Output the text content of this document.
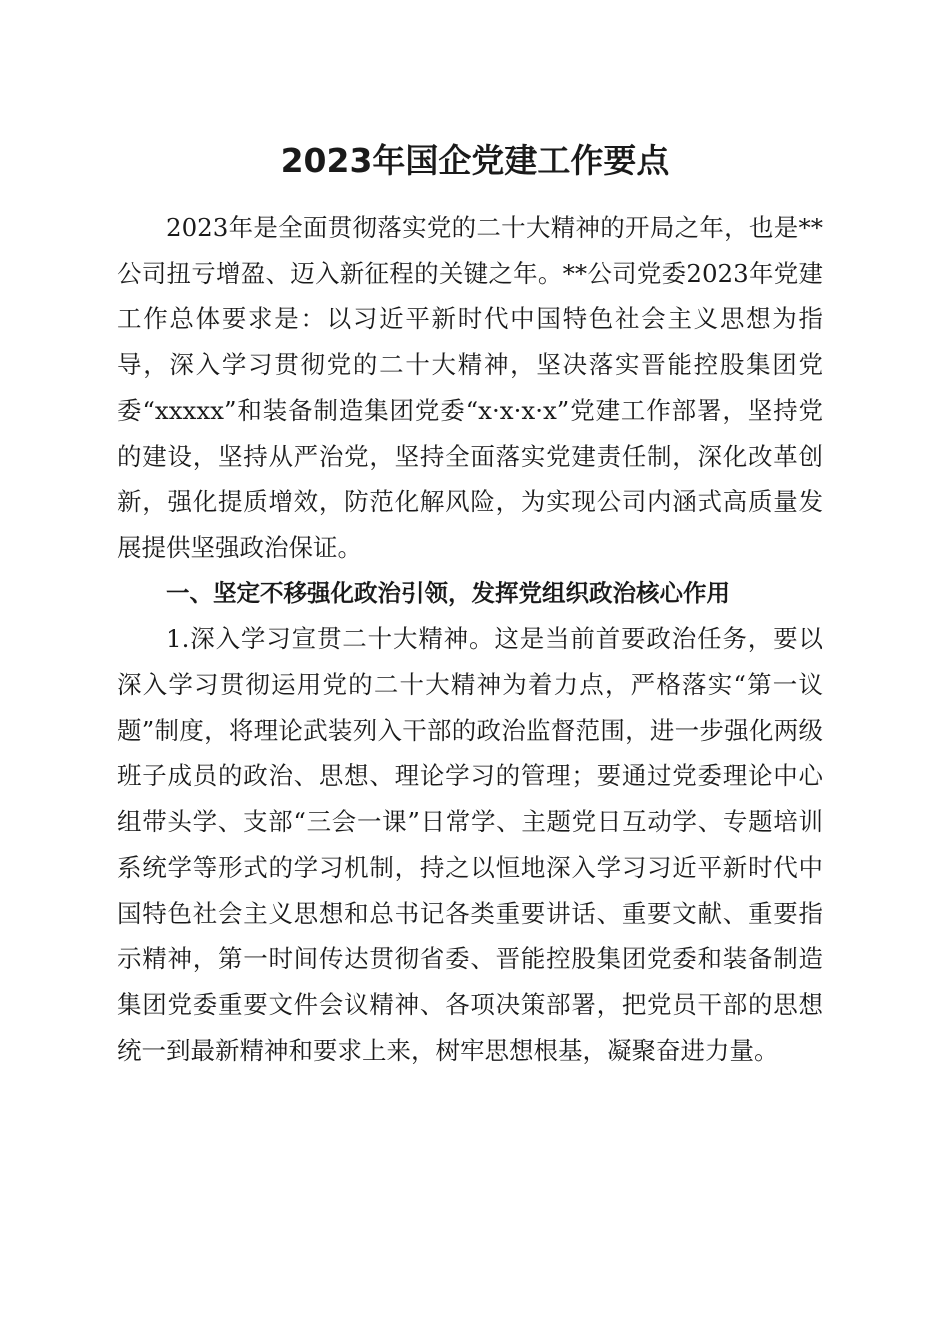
2023年国企党建工作要点

2023年是全面贯彻落实党的二十大精神的开局之年，也是**公司扭亏增盈、迈入新征程的关键之年。**公司党委2023年党建工作总体要求是：以习近平新时代中国特色社会主义思想为指导，深入学习贯彻党的二十大精神，坚决落实晋能控股集团党委“xxxxx”和装备制造集团党委“x·x·x·x”党建工作部署，坚持党的建设，坚持从严治党，坚持全面落实党建责任制，深化改革创新，强化提质增效，防范化解风险，为实现公司内涵式高质量发展提供坚强政治保证。

一、坚定不移强化政治引领，发挥党组织政治核心作用

1.深入学习宣贯二十大精神。这是当前首要政治任务，要以深入学习贯彻运用党的二十大精神为着力点，严格落实“第一议题”制度，将理论武装列入干部的政治监督范围，进一步强化两级班子成员的政治、思想、理论学习的管理；要通过党委理论中心组带头学、支部“三会一课”日常学、主题党日互动学、专题培训系统学等形式的学习机制，持之以恒地深入学习习近平新时代中国特色社会主义思想和总书记各类重要讲话、重要文献、重要指示精神，第一时间传达贯彻省委、晋能控股集团党委和装备制造集团党委重要文件会议精神、各项决策部署，把党员干部的思想统一到最新精神和要求上来，树牢思想根基，凝聚奋进力量。
